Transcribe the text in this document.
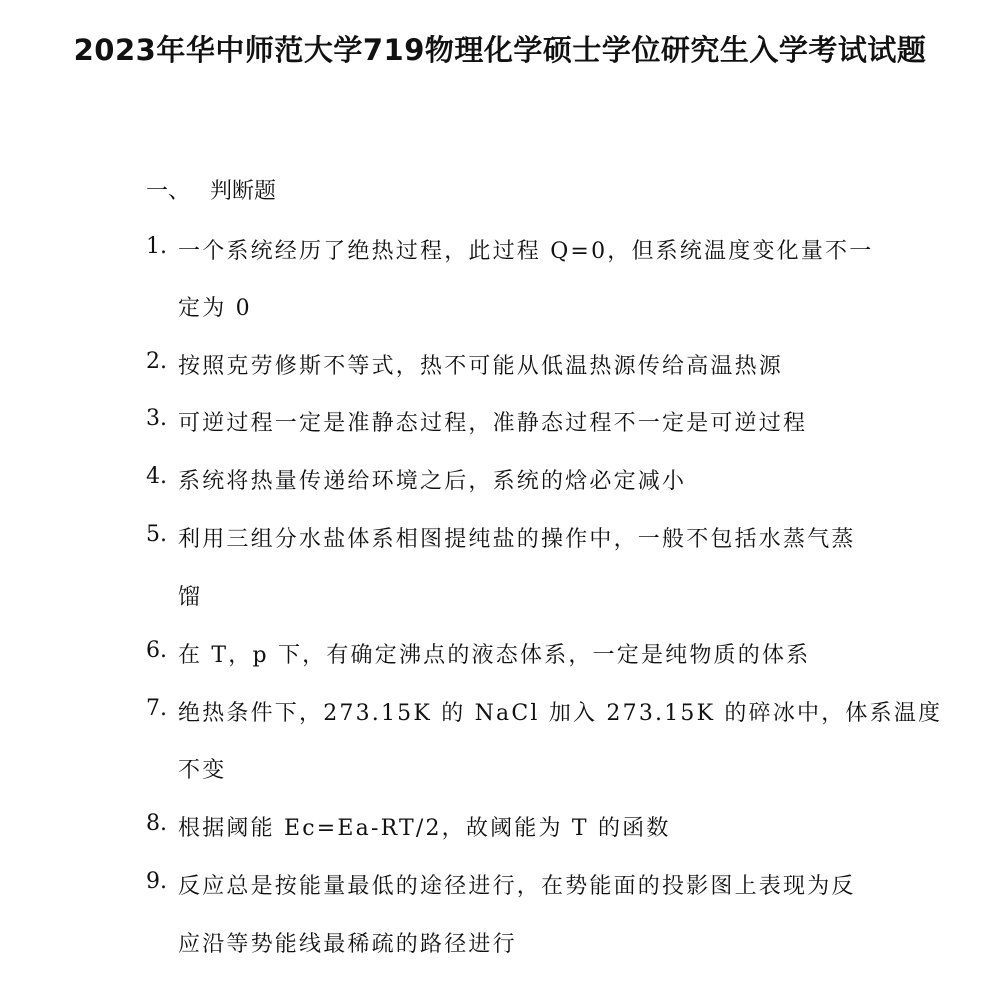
2023年华中师范大学719物理化学硕士学位研究生入学考试试题
一、 判断题
1. 一个系统经历了绝热过程，此过程 Q=0，但系统温度变化量不一
定为 0
2. 按照克劳修斯不等式，热不可能从低温热源传给高温热源
3. 可逆过程一定是准静态过程，准静态过程不一定是可逆过程
4. 系统将热量传递给环境之后，系统的焓必定减小
5. 利用三组分水盐体系相图提纯盐的操作中，一般不包括水蒸气蒸
馏
6. 在 T，p 下，有确定沸点的液态体系，一定是纯物质的体系
7. 绝热条件下，273.15K 的 NaCl 加入 273.15K 的碎冰中，体系温度
不变
8. 根据阈能 Ec=Ea-RT/2，故阈能为 T 的函数
9. 反应总是按能量最低的途径进行，在势能面的投影图上表现为反
应沿等势能线最稀疏的路径进行
